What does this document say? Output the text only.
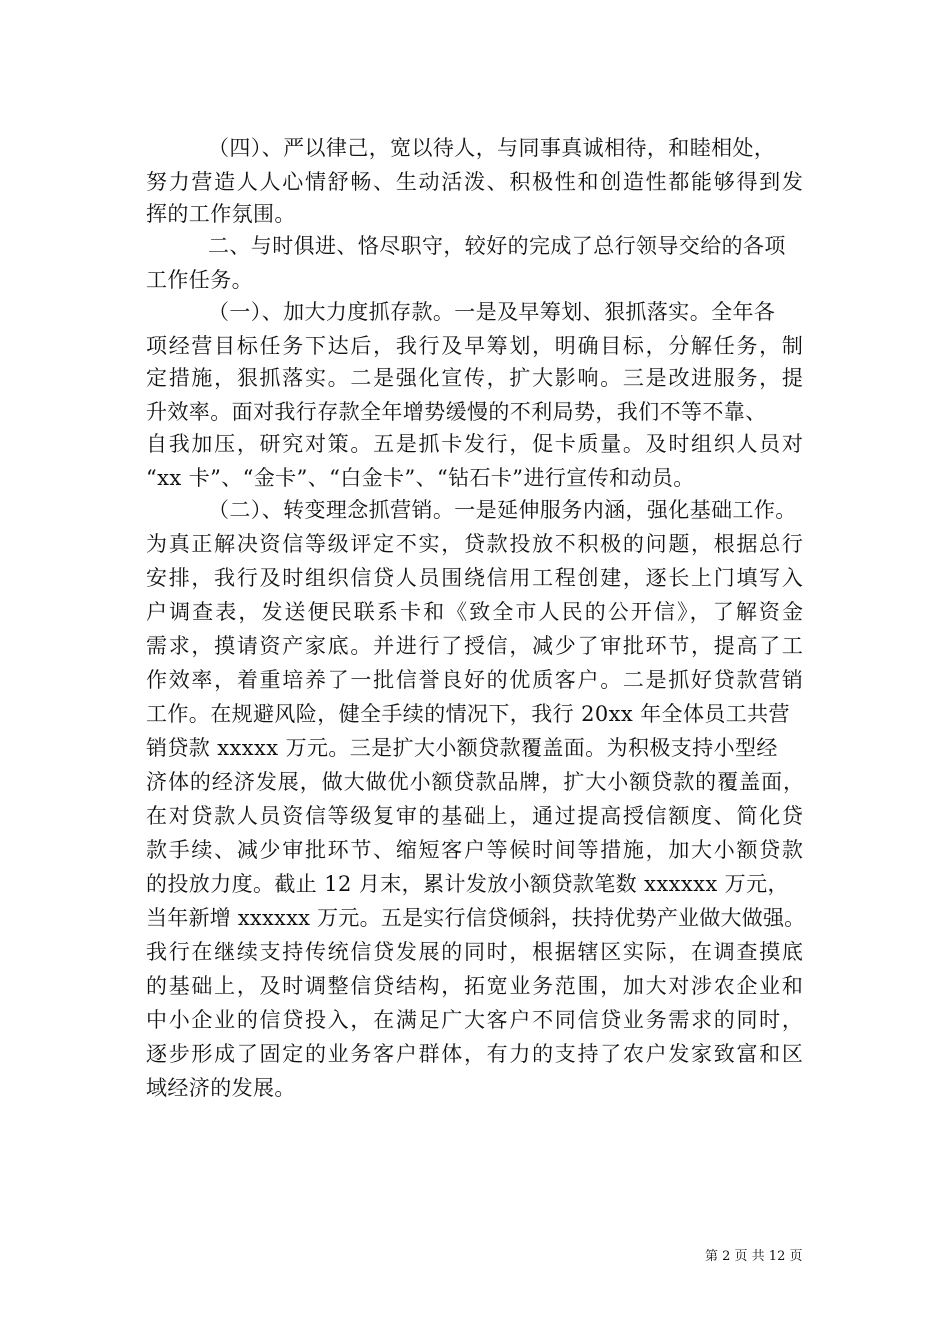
（四）、严以律己，宽以待人，与同事真诚相待，和睦相处，
努力营造人人心情舒畅、生动活泼、积极性和创造性都能够得到发
挥的工作氛围。
二、与时俱进、恪尽职守，较好的完成了总行领导交给的各项
工作任务。
（一）、加大力度抓存款。一是及早筹划、狠抓落实。全年各
项经营目标任务下达后，我行及早筹划，明确目标，分解任务，制
定措施，狠抓落实。二是强化宣传，扩大影响。三是改进服务，提
升效率。面对我行存款全年增势缓慢的不利局势，我们不等不靠、
自我加压，研究对策。五是抓卡发行，促卡质量。及时组织人员对
“xx 卡”、“金卡”、“白金卡”、“钻石卡”进行宣传和动员。
（二）、转变理念抓营销。一是延伸服务内涵，强化基础工作。
为真正解决资信等级评定不实，贷款投放不积极的问题，根据总行
安排，我行及时组织信贷人员围绕信用工程创建，逐长上门填写入
户调查表，发送便民联系卡和《致全市人民的公开信》，了解资金
需求，摸请资产家底。并进行了授信，减少了审批环节，提高了工
作效率，着重培养了一批信誉良好的优质客户。二是抓好贷款营销
工作。在规避风险，健全手续的情况下，我行 20xx 年全体员工共营
销贷款 xxxxx 万元。三是扩大小额贷款覆盖面。为积极支持小型经
济体的经济发展，做大做优小额贷款品牌，扩大小额贷款的覆盖面，
在对贷款人员资信等级复审的基础上，通过提高授信额度、简化贷
款手续、减少审批环节、缩短客户等候时间等措施，加大小额贷款
的投放力度。截止 12 月末，累计发放小额贷款笔数 xxxxxx 万元，
当年新增 xxxxxx 万元。五是实行信贷倾斜，扶持优势产业做大做强。
我行在继续支持传统信贷发展的同时，根据辖区实际，在调查摸底
的基础上，及时调整信贷结构，拓宽业务范围，加大对涉农企业和
中小企业的信贷投入，在满足广大客户不同信贷业务需求的同时，
逐步形成了固定的业务客户群体，有力的支持了农户发家致富和区
域经济的发展。
第 2 页 共 12 页
